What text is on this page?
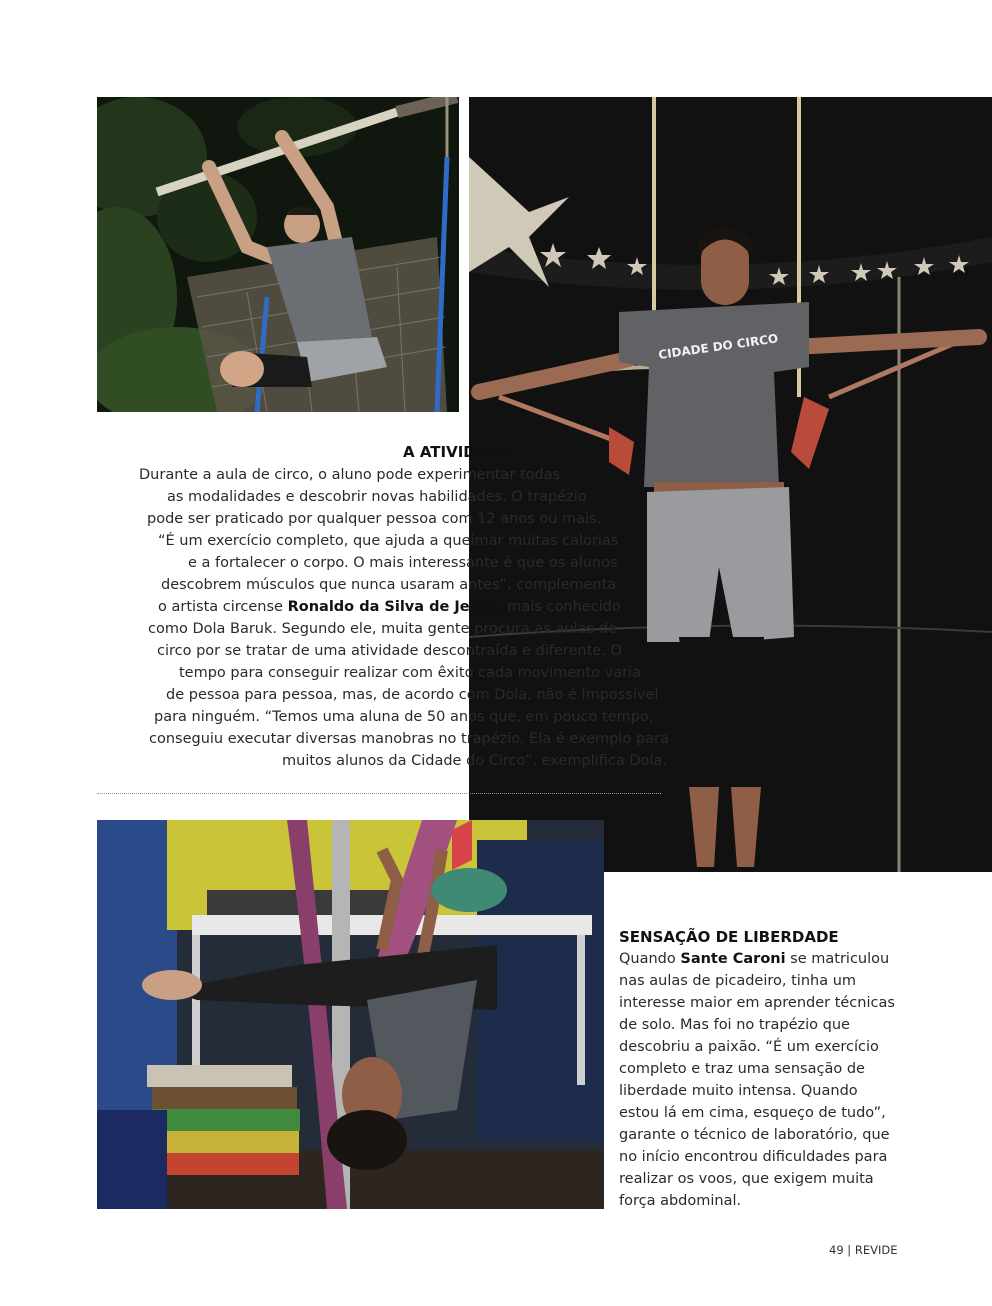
CIDADE DO CIRCO
A ATIVIDADE
Durante a aula de circo, o aluno pode experimentar todas
as modalidades e descobrir novas habilidades. O trapézio
pode ser praticado por qualquer pessoa com 12 anos ou mais.
“É um exercício completo, que ajuda a queimar muitas calorias
e a fortalecer o corpo. O mais interessante é que os alunos
descobrem músculos que nunca usaram antes”, complementa
o artista circense Ronaldo da Silva de Jesus, mais conhecido
como Dola Baruk. Segundo ele, muita gente procura as aulas de
circo por se tratar de uma atividade descontraída e diferente. O
tempo para conseguir realizar com êxito cada movimento varia
de pessoa para pessoa, mas, de acordo com Dola, não é impossível
para ninguém. “Temos uma aluna de 50 anos que, em pouco tempo,
conseguiu executar diversas manobras no trapézio. Ela é exemplo para
muitos alunos da Cidade do Circo”, exemplifica Dola.
SENSAÇÃO DE LIBERDADE
Quando Sante Caroni se matriculou
nas aulas de picadeiro, tinha um
interesse maior em aprender técnicas
de solo. Mas foi no trapézio que
descobriu a paixão. “É um exercício
completo e traz uma sensação de
liberdade muito intensa. Quando
estou lá em cima, esqueço de tudo”,
garante o técnico de laboratório, que
no início encontrou dificuldades para
realizar os voos, que exigem muita
força abdominal.
49 | REVIDE
